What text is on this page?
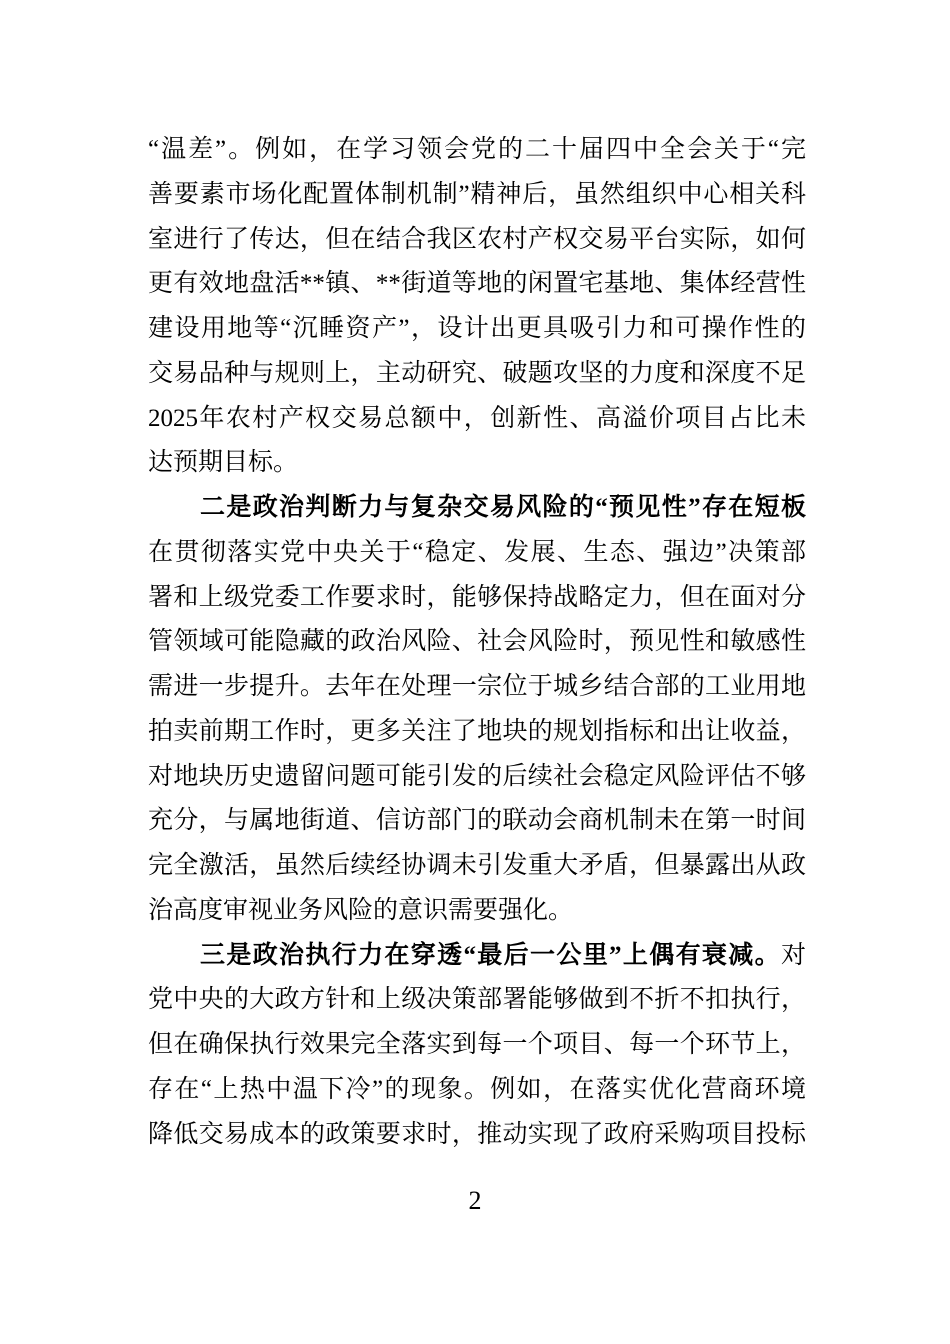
“温差”。例如，在学习领会党的二十届四中全会关于“完
善要素市场化配置体制机制”精神后，虽然组织中心相关科
室进行了传达，但在结合我区农村产权交易平台实际，如何
更有效地盘活**镇、**街道等地的闲置宅基地、集体经营性
建设用地等“沉睡资产”，设计出更具吸引力和可操作性的
交易品种与规则上，主动研究、破题攻坚的力度和深度不足
2025年农村产权交易总额中，创新性、高溢价项目占比未
达预期目标。
二是政治判断力与复杂交易风险的“预见性”存在短板
在贯彻落实党中央关于“稳定、发展、生态、强边”决策部
署和上级党委工作要求时，能够保持战略定力，但在面对分
管领域可能隐藏的政治风险、社会风险时，预见性和敏感性
需进一步提升。去年在处理一宗位于城乡结合部的工业用地
拍卖前期工作时，更多关注了地块的规划指标和出让收益，
对地块历史遗留问题可能引发的后续社会稳定风险评估不够
充分，与属地街道、信访部门的联动会商机制未在第一时间
完全激活，虽然后续经协调未引发重大矛盾，但暴露出从政
治高度审视业务风险的意识需要强化。
三是政治执行力在穿透“最后一公里”上偶有衰减。对
党中央的大政方针和上级决策部署能够做到不折不扣执行，
但在确保执行效果完全落实到每一个项目、每一个环节上，
存在“上热中温下冷”的现象。例如，在落实优化营商环境
降低交易成本的政策要求时，推动实现了政府采购项目投标
2
